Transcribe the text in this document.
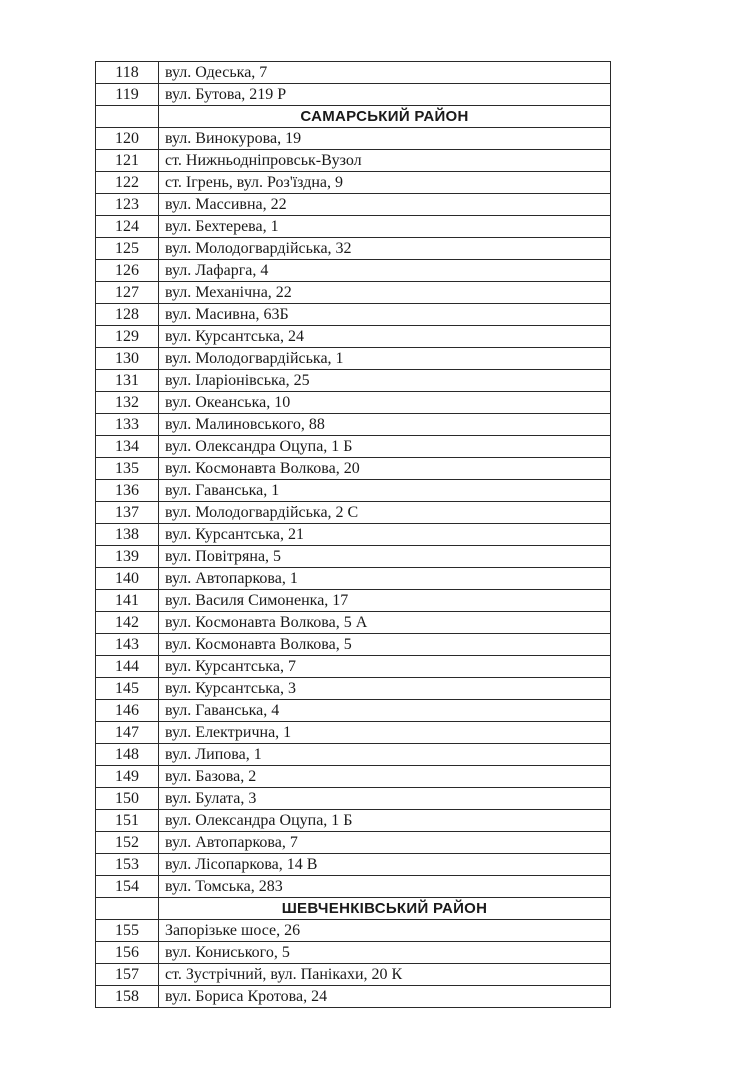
118	вул. Одеська, 7
119	вул. Бутова, 219 Р
	САМАРСЬКИЙ РАЙОН
120	вул. Винокурова, 19
121	ст. Нижньодніпровськ-Вузол
122	ст. Ігрень, вул. Роз'їздна, 9
123	вул. Массивна, 22
124	вул. Бехтерева, 1
125	вул. Молодогвардійська, 32
126	вул. Лафарга, 4
127	вул. Механічна, 22
128	вул. Масивна, 63Б
129	вул. Курсантська, 24
130	вул. Молодогвардійська, 1
131	вул. Іларіонівська, 25
132	вул. Океанська, 10
133	вул. Малиновського, 88
134	вул. Олександра Оцупа, 1 Б
135	вул. Космонавта Волкова, 20
136	вул. Гаванська, 1
137	вул. Молодогвардійська, 2 С
138	вул. Курсантська, 21
139	вул. Повітряна, 5
140	вул. Автопаркова, 1
141	вул. Василя Симоненка, 17
142	вул. Космонавта Волкова, 5 А
143	вул. Космонавта Волкова, 5
144	вул. Курсантська, 7
145	вул. Курсантська, 3
146	вул. Гаванська, 4
147	вул. Електрична, 1
148	вул. Липова, 1
149	вул. Базова, 2
150	вул. Булата, 3
151	вул. Олександра Оцупа, 1 Б
152	вул. Автопаркова, 7
153	вул. Лісопаркова, 14 В
154	вул. Томська, 283
	ШЕВЧЕНКІВСЬКИЙ РАЙОН
155	Запорізьке шосе, 26
156	вул. Кониського, 5
157	ст. Зустрічний, вул. Панікахи, 20 К
158	вул. Бориса Кротова, 24
